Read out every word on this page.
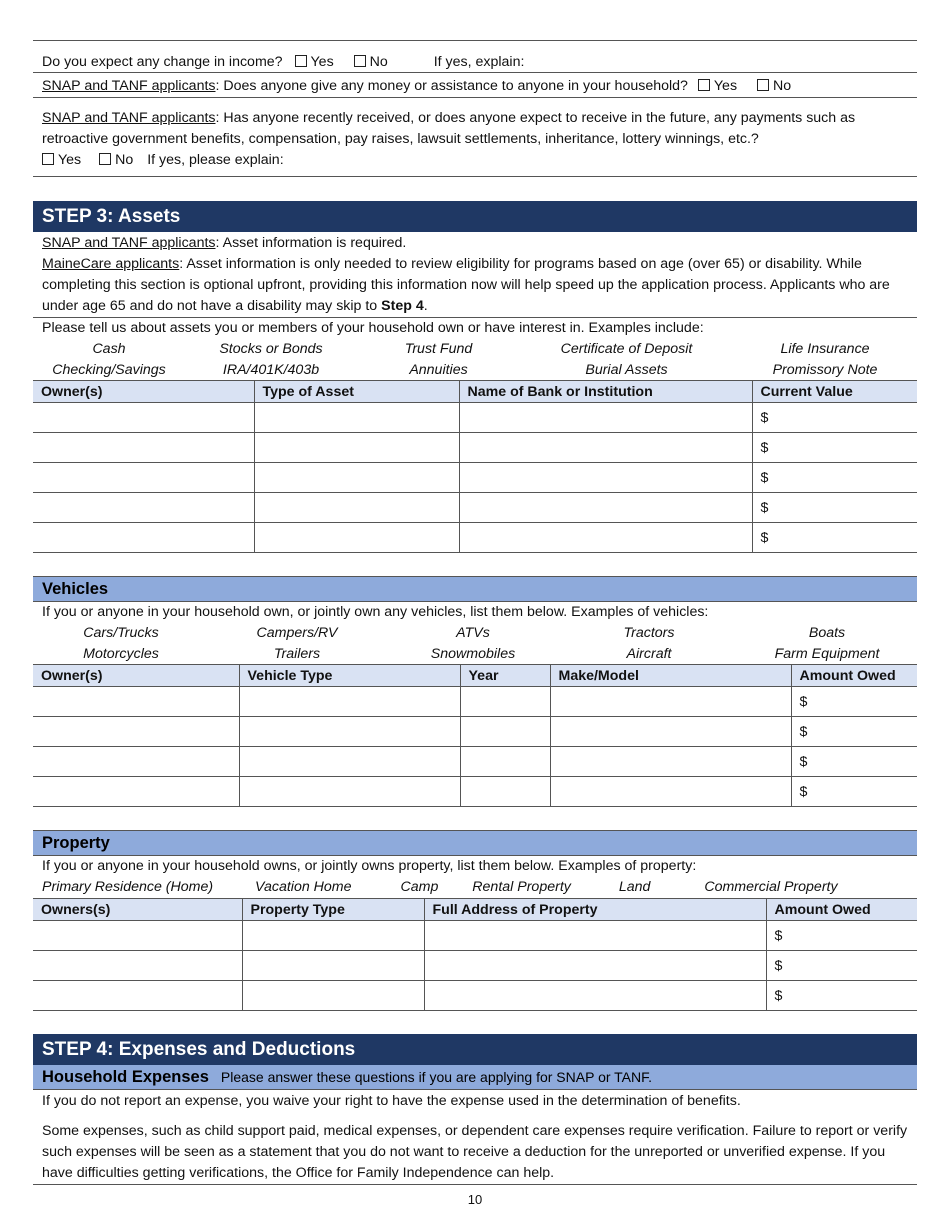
Do you expect any change in income? Yes	No	If yes, explain:
SNAP and TANF applicants: Does anyone give any money or assistance to anyone in your household? Yes	No
SNAP and TANF applicants: Has anyone recently received, or does anyone expect to receive in the future, any payments such as retroactive government benefits, compensation, pay raises, lawsuit settlements, inheritance, lottery winnings, etc.?
Yes No If yes, please explain:
STEP 3: Assets
SNAP and TANF applicants: Asset information is required.
MaineCare applicants: Asset information is only needed to review eligibility for programs based on age (over 65) or disability. While completing this section is optional upfront, providing this information now will help speed up the application process. Applicants who are under age 65 and do not have a disability may skip to Step 4.
Please tell us about assets you or members of your household own or have interest in. Examples include:
Cash	Stocks or Bonds	Trust Fund	Certificate of Deposit	Life Insurance
Checking/Savings	IRA/401K/403b	Annuities	Burial Assets	Promissory Note
Owner(s)	Type of Asset	Name of Bank or Institution	Current Value
			$
			$
			$
			$
			$
Vehicles
If you or anyone in your household own, or jointly own any vehicles, list them below. Examples of vehicles:
Cars/Trucks	Campers/RV	ATVs	Tractors	Boats
Motorcycles	Trailers	Snowmobiles	Aircraft	Farm Equipment
Owner(s)	Vehicle Type	Year	Make/Model	Amount Owed
				$
				$
				$
				$
Property
If you or anyone in your household owns, or jointly owns property, list them below. Examples of property:
Primary Residence (Home)	Vacation Home	Camp Rental Property	Land	Commercial Property
Owners(s)	Property Type	Full Address of Property	Amount Owed
			$
			$
			$
STEP 4: Expenses and Deductions
Household Expenses Please answer these questions if you are applying for SNAP or TANF.
If you do not report an expense, you waive your right to have the expense used in the determination of benefits.
Some expenses, such as child support paid, medical expenses, or dependent care expenses require verification. Failure to report or verify such expenses will be seen as a statement that you do not want to receive a deduction for the unreported or unverified expense. If you have difficulties getting verifications, the Office for Family Independence can help.
10
